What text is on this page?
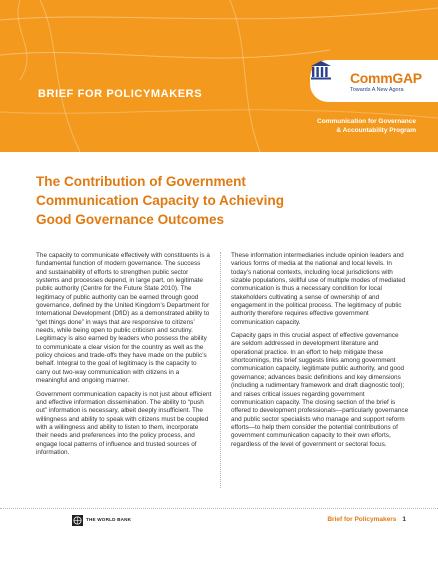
BRIEF FOR POLICYMAKERS
CommGAP
Towards A New Agora
Communication for Governance
& Accountability Program
The Contribution of Government
Communication Capacity to Achieving
Good Governance Outcomes

The capacity to communicate effectively with constituents is a fundamental function of modern governance. The success and sustainability of efforts to strengthen public sector systems and processes depend, in large part, on legitimate public authority (Centre for the Future State 2010). The legitimacy of public authority can be earned through good governance, defined by the United Kingdom’s Department for International Development (DfID) as a demonstrated ability to “get things done” in ways that are responsive to citizens’ needs, while being open to public criticism and scrutiny. Legitimacy is also earned by leaders who possess the ability to communicate a clear vision for the country as well as the policy choices and trade-offs they have made on the public’s behalf. Integral to the goal of legitimacy is the capacity to carry out two-way communication with citizens in a meaningful and ongoing manner.

Government communication capacity is not just about efficient and effective information dissemination. The ability to “push out” information is necessary, albeit deeply insufficient. The willingness and ability to speak with citizens must be coupled with a willingness and ability to listen to them, incorporate their needs and preferences into the policy process, and engage local patterns of influence and trusted sources of information.

These information intermediaries include opinion leaders and various forms of media at the national and local levels. In today’s national contexts, including local jurisdictions with sizable populations, skillful use of multiple modes of mediated communication is thus a necessary condition for local stakeholders cultivating a sense of ownership of and engagement in the political process. The legitimacy of public authority therefore requires effective government communication capacity.

Capacity gaps in this crucial aspect of effective governance are seldom addressed in development literature and operational practice. In an effort to help mitigate these shortcomings, this brief suggests links among government communication capacity, legitimate public authority, and good governance; advances basic definitions and key dimensions (including a rudimentary framework and draft diagnostic tool); and raises critical issues regarding government communication capacity. The closing section of the brief is offered to development professionals—particularly governance and public sector specialists who manage and support reform efforts—to help them consider the potential contributions of government communication capacity to their own efforts, regardless of the level of government or sectoral focus.

THE WORLD BANK	Brief for Policymakers 1
